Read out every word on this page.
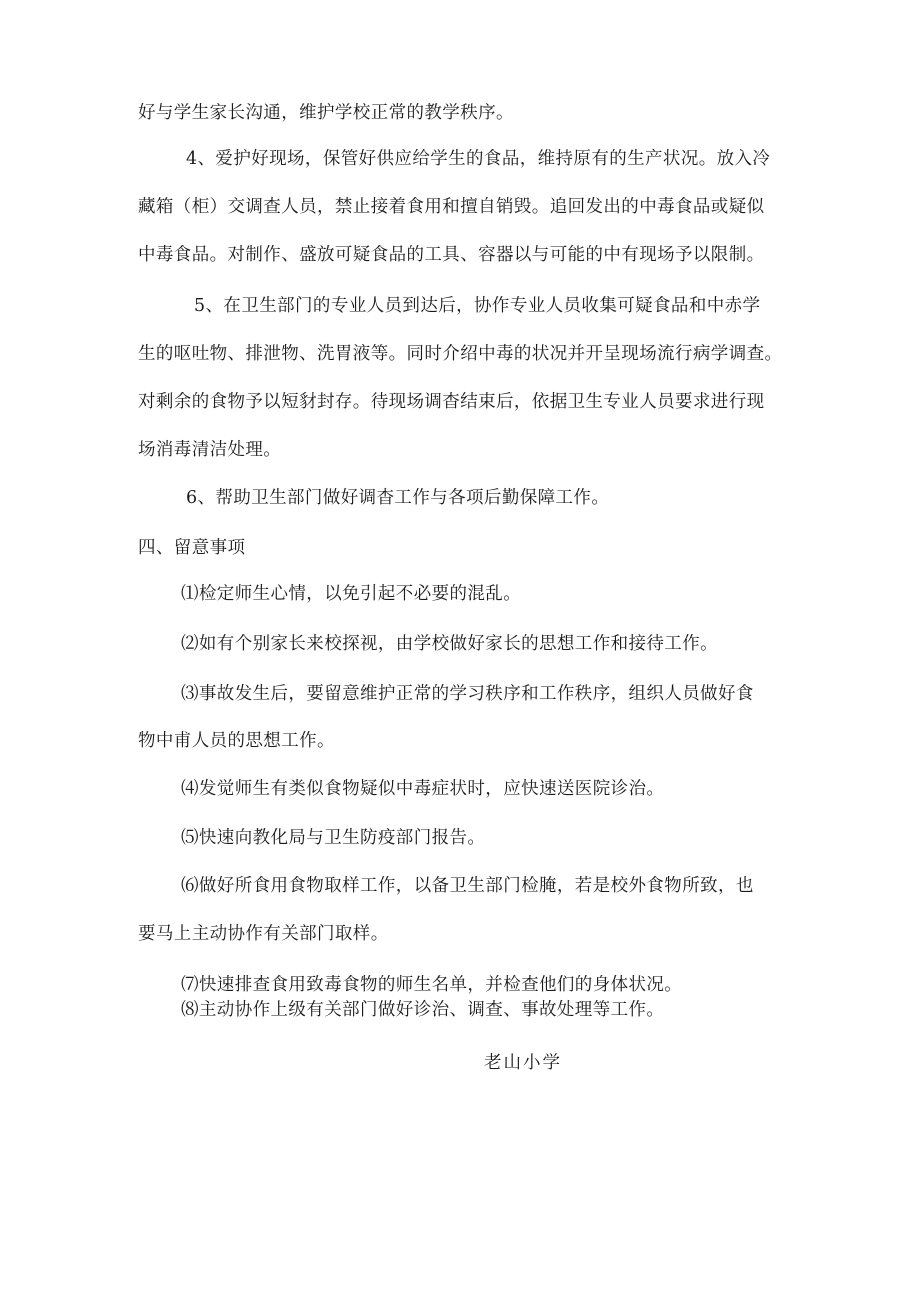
好与学生家长沟通，维护学校正常的教学秩序。
4、爱护好现场，保管好供应给学生的食品，维持原有的生产状况。放入冷
藏箱（柜）交调查人员，禁止接着食用和擅自销毁。追回发出的中毒食品或疑似
中毒食品。对制作、盛放可疑食品的工具、容器以与可能的中有现场予以限制。
5、在卫生部门的专业人员到达后，协作专业人员收集可疑食品和中赤学
生的呕吐物、排泄物、洗胃液等。同时介绍中毒的状况并开呈现场流行病学调查。
对剩余的食物予以短豺封存。待现场调杳结束后，依据卫生专业人员要求进行现
场消毒清洁处理。
6、帮助卫生部门做好调杳工作与各项后勤保障工作。
四、留意事项
⑴检定师生心情，以免引起不必要的混乱。
⑵如有个别家长来校探视，由学校做好家长的思想工作和接待工作。
⑶事故发生后，要留意维护正常的学习秩序和工作秩序，组织人员做好食
物中甫人员的思想工作。
⑷发觉师生有类似食物疑似中毒症状时，应快速送医院诊治。
⑸快速向教化局与卫生防疫部门报告。
⑹做好所食用食物取样工作，以备卫生部门检腌，若是校外食物所致，也
要马上主动协作有关部门取样。
⑺快速排查食用致毒食物的师生名单，并检查他们的身体状况。
⑻主动协作上级有关部门做好诊治、调查、事故处理等工作。
老山小学
